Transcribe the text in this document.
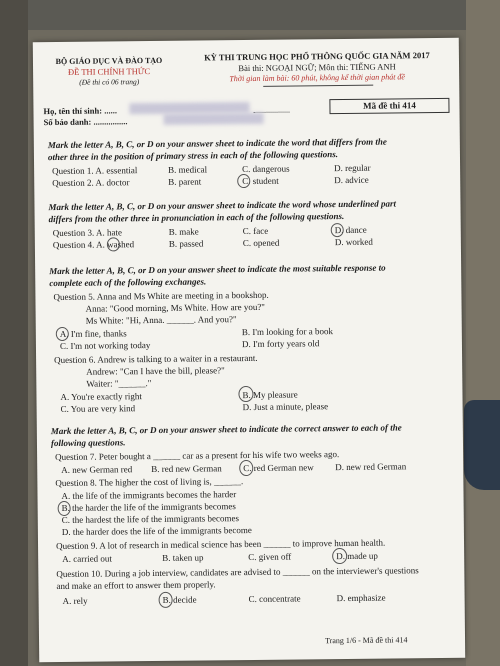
BỘ GIÁO DỤC VÀ ĐÀO TẠO
ĐỀ THI CHÍNH THỨC
(Đề thi có 06 trang)
KỲ THI TRUNG HỌC PHỔ THÔNG QUỐC GIA NĂM 2017
Bài thi: NGOẠI NGỮ; Môn thi: TIẾNG ANH
Thời gian làm bài: 60 phút, không kể thời gian phát đề
Họ, tên thí sinh: ......
Số báo danh: ................
Mã đề thi 414
Mark the letter A, B, C, or D on your answer sheet to indicate the word that differs from the
other three in the position of primary stress in each of the following questions.
Question 1. A. essential	B. medical	C. dangerous	D. regular
Question 2. A. doctor	B. parent	C. student	D. advice
Mark the letter A, B, C, or D on your answer sheet to indicate the word whose underlined part
differs from the other three in pronunciation in each of the following questions.
Question 3. A. hate	B. make	C. face	D. dance
Question 4. A. washed	B. passed	C. opened	D. worked
Mark the letter A, B, C, or D on your answer sheet to indicate the most suitable response to
complete each of the following exchanges.
Question 5. Anna and Ms White are meeting in a bookshop.
Anna: "Good morning, Ms White. How are you?"
Ms White: "Hi, Anna. ______. And you?"
A. I'm fine, thanks	B. I'm looking for a book
C. I'm not working today	D. I'm forty years old
Question 6. Andrew is talking to a waiter in a restaurant.
Andrew: "Can I have the bill, please?"
Waiter: "______."
A. You're exactly right	B. My pleasure
C. You are very kind	D. Just a minute, please
Mark the letter A, B, C, or D on your answer sheet to indicate the correct answer to each of the
following questions.
Question 7. Peter bought a ______ car as a present for his wife two weeks ago.
A. new German red B. red new German C. red German new D. new red German
Question 8. The higher the cost of living is, ______.
A. the life of the immigrants becomes the harder
B. the harder the life of the immigrants becomes
C. the hardest the life of the immigrants becomes
D. the harder does the life of the immigrants become
Question 9. A lot of research in medical science has been ______ to improve human health.
A. carried out	B. taken up	C. given off	D. made up
Question 10. During a job interview, candidates are advised to ______ on the interviewer's questions
and make an effort to answer them properly.
A. rely	B. decide	C. concentrate	D. emphasize
Trang 1/6 - Mã đề thi 414
